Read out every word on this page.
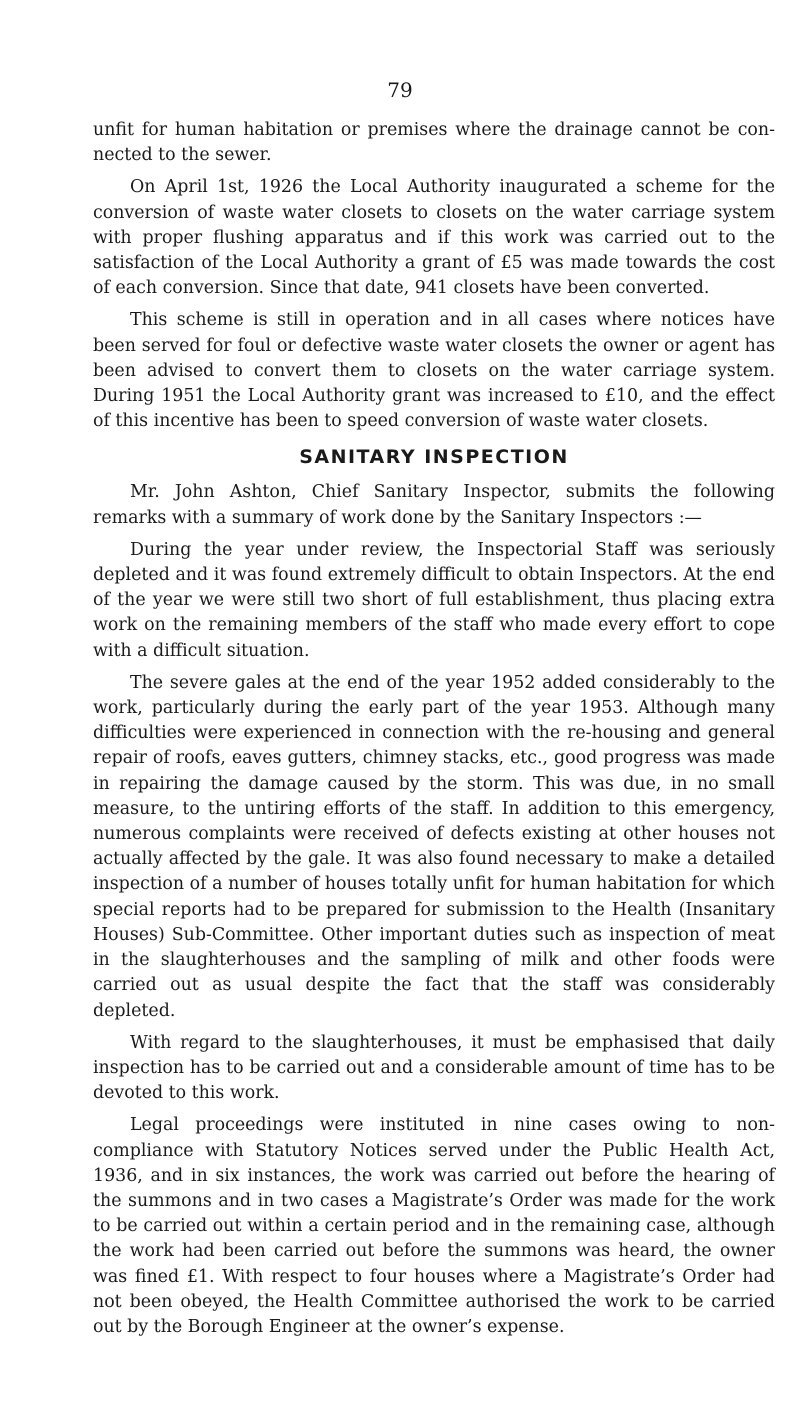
79

unfit for human habitation or premises where the drainage cannot be connected to the sewer.

On April 1st, 1926 the Local Authority inaugurated a scheme for the conversion of waste water closets to closets on the water carriage system with proper flushing apparatus and if this work was carried out to the satisfaction of the Local Authority a grant of £5 was made towards the cost of each conversion. Since that date, 941 closets have been converted.

This scheme is still in operation and in all cases where notices have been served for foul or defective waste water closets the owner or agent has been advised to convert them to closets on the water carriage system. During 1951 the Local Authority grant was increased to £10, and the effect of this incentive has been to speed conversion of waste water closets.

SANITARY INSPECTION

Mr. John Ashton, Chief Sanitary Inspector, submits the following remarks with a summary of work done by the Sanitary Inspectors :—

During the year under review, the Inspectorial Staff was seriously depleted and it was found extremely difficult to obtain Inspectors. At the end of the year we were still two short of full establishment, thus placing extra work on the remaining members of the staff who made every effort to cope with a difficult situation.

The severe gales at the end of the year 1952 added considerably to the work, particularly during the early part of the year 1953. Although many difficulties were experienced in connection with the re-housing and general repair of roofs, eaves gutters, chimney stacks, etc., good progress was made in repairing the damage caused by the storm. This was due, in no small measure, to the untiring efforts of the staff. In addition to this emergency, numerous complaints were received of defects existing at other houses not actually affected by the gale. It was also found necessary to make a detailed inspection of a number of houses totally unfit for human habitation for which special reports had to be prepared for submission to the Health (Insanitary Houses) Sub-Committee. Other important duties such as inspection of meat in the slaughterhouses and the sampling of milk and other foods were carried out as usual despite the fact that the staff was considerably depleted.

With regard to the slaughterhouses, it must be emphasised that daily inspection has to be carried out and a considerable amount of time has to be devoted to this work.

Legal proceedings were instituted in nine cases owing to non-compliance with Statutory Notices served under the Public Health Act, 1936, and in six instances, the work was carried out before the hearing of the summons and in two cases a Magistrate’s Order was made for the work to be carried out within a certain period and in the remaining case, although the work had been carried out before the summons was heard, the owner was fined £1. With respect to four houses where a Magistrate’s Order had not been obeyed, the Health Committee authorised the work to be carried out by the Borough Engineer at the owner’s expense.
